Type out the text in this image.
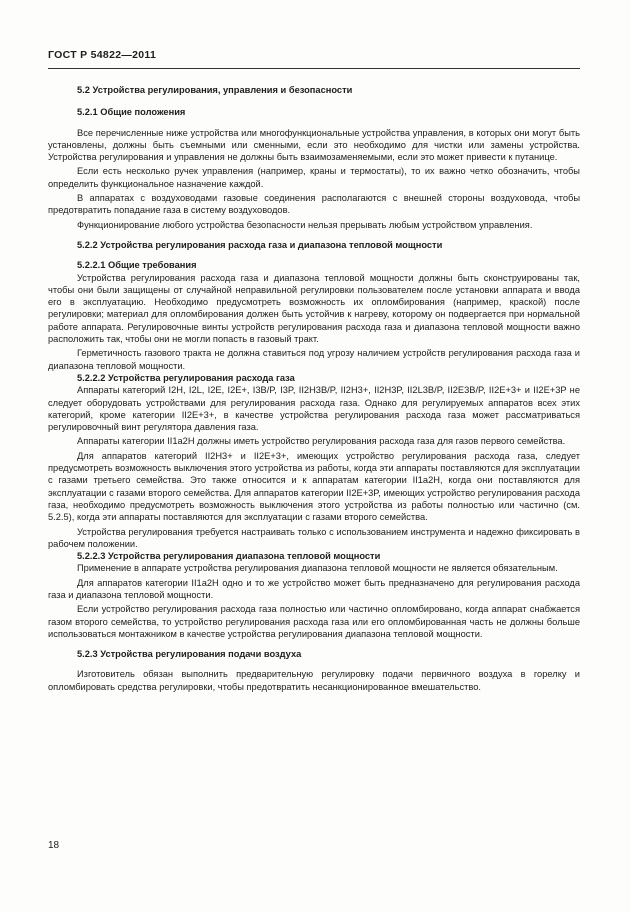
ГОСТ Р 54822—2011

5.2 Устройства регулирования, управления и безопасности

5.2.1 Общие положения

Все перечисленные ниже устройства или многофункциональные устройства управления, в которых они могут быть установлены, должны быть съемными или сменными, если это необходимо для чистки или замены устройства. Устройства регулирования и управления не должны быть взаимозаменяемыми, если это может привести к путанице.

Если есть несколько ручек управления (например, краны и термостаты), то их важно четко обозначить, чтобы определить функциональное назначение каждой.

В аппаратах с воздуховодами газовые соединения располагаются с внешней стороны воздуховода, чтобы предотвратить попадание газа в систему воздуховодов.

Функционирование любого устройства безопасности нельзя прерывать любым устройством управления.

5.2.2 Устройства регулирования расхода газа и диапазона тепловой мощности

5.2.2.1 Общие требования

Устройства регулирования расхода газа и диапазона тепловой мощности должны быть сконструированы так, чтобы они были защищены от случайной неправильной регулировки пользователем после установки аппарата и ввода его в эксплуатацию. Необходимо предусмотреть возможность их опломбирования (например, краской) после регулировки; материал для опломбирования должен быть устойчив к нагреву, которому он подвергается при нормальной работе аппарата. Регулировочные винты устройств регулирования расхода газа и диапазона тепловой мощности важно расположить так, чтобы они не могли попасть в газовый тракт.

Герметичность газового тракта не должна ставиться под угрозу наличием устройств регулирования расхода газа и диапазона тепловой мощности.

5.2.2.2 Устройства регулирования расхода газа

Аппараты категорий I2H, I2L, I2E, I2E+, I3B/P, I3P, II2H3B/P, II2H3+, II2H3P, II2L3B/P, II2E3B/P, II2E+3+ и II2E+3P не следует оборудовать устройствами для регулирования расхода газа. Однако для регулируемых аппаратов всех этих категорий, кроме категории II2E+3+, в качестве устройства регулирования расхода газа может рассматриваться регулировочный винт регулятора давления газа.

Аппараты категории II1a2H должны иметь устройство регулирования расхода газа для газов первого семейства.

Для аппаратов категорий II2H3+ и II2E+3+, имеющих устройство регулирования расхода газа, следует предусмотреть возможность выключения этого устройства из работы, когда эти аппараты поставляются для эксплуатации с газами третьего семейства. Это также относится и к аппаратам категории II1a2H, когда они поставляются для эксплуатации с газами второго семейства. Для аппаратов категории II2E+3P, имеющих устройство регулирования расхода газа, необходимо предусмотреть возможность выключения этого устройства из работы полностью или частично (см. 5.2.5), когда эти аппараты поставляются для эксплуатации с газами второго семейства.

Устройства регулирования требуется настраивать только с использованием инструмента и надежно фиксировать в рабочем положении.

5.2.2.3 Устройства регулирования диапазона тепловой мощности

Применение в аппарате устройства регулирования диапазона тепловой мощности не является обязательным.

Для аппаратов категории II1a2H одно и то же устройство может быть предназначено для регулирования расхода газа и диапазона тепловой мощности.

Если устройство регулирования расхода газа полностью или частично опломбировано, когда аппарат снабжается газом второго семейства, то устройство регулирования расхода газа или его опломбированная часть не должны больше использоваться монтажником в качестве устройства регулирования диапазона тепловой мощности.

5.2.3 Устройства регулирования подачи воздуха

Изготовитель обязан выполнить предварительную регулировку подачи первичного воздуха в горелку и опломбировать средства регулировки, чтобы предотвратить несанкционированное вмешательство.

18
